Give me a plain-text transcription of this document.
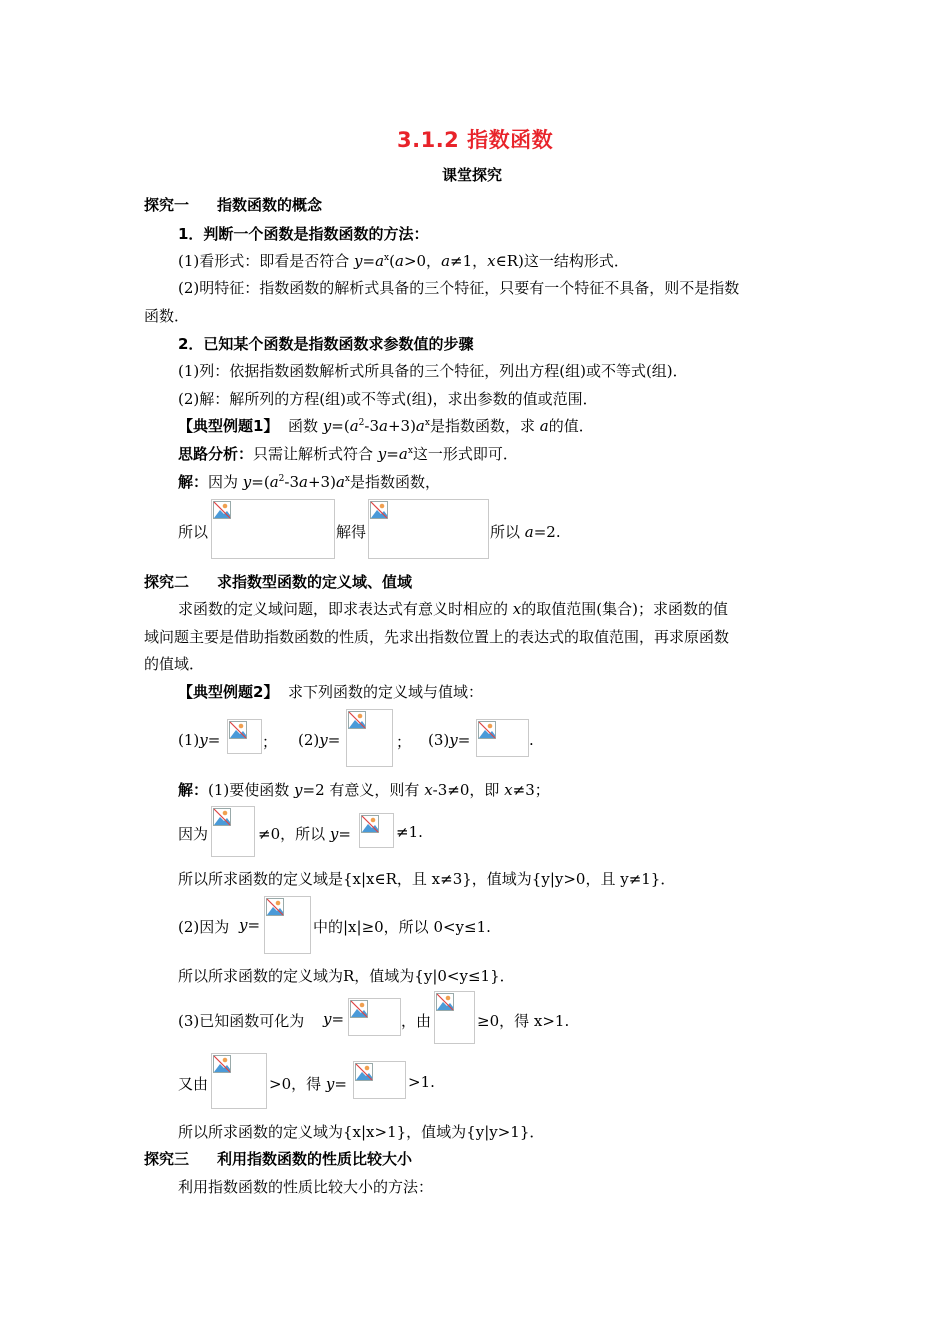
3.1.2 指数函数
课堂探究
探究一 指数函数的概念
1．判断一个函数是指数函数的方法：
(1)看形式：即看是否符合 $y=a^x(a>0$，a≠1，x∈R)这一结构形式．
(2)明特征：指数函数的解析式具备的三个特征，只要有一个特征不具备，则不是指数
函数．
2．已知某个函数是指数函数求参数值的步骤
(1)列：依据指数函数解析式所具备的三个特征，列出方程(组)或不等式(组)．
(2)解：解所列的方程(组)或不等式(组)，求出参数的值或范围．
【典型例题1】 函数 $y=(a^2-3a+3)a^x$是指数函数，求 a的值．
思路分析：只需让解析式符合 $y=a^x$这一形式即可．
解：因为 $y=(a^2-3a+3)a^x$是指数函数，
所以	解得	所以 a=2.
探究二 求指数型函数的定义域、值域
求函数的定义域问题，即求表达式有意义时相应的 x的取值范围(集合)；求函数的值
域问题主要是借助指数函数的性质，先求出指数位置上的表达式的取值范围，再求原函数
的值域．
【典型例题2】 求下列函数的定义域与值域：
(1)y=	； (2)y=	； (3)y=	.
解：(1)要使函数 y=2 有意义，则有 x-3≠0，即 x≠3；
因为	≠0，所以 y=	≠1.
所以所求函数的定义域是{x|x∈R，且 x≠3}，值域为{y|y>0，且 y≠1}．
(2)因为 y=	中的|x|≥0，所以 0<y≤1.
所以所求函数的定义域为R，值域为{y|0<y≤1}．
(3)已知函数可化为 y=	，由	≥0，得 x>1.
又由	>0，得 y=	>1.
所以所求函数的定义域为{x|x>1}，值域为{y|y>1}．
探究三 利用指数函数的性质比较大小
利用指数函数的性质比较大小的方法：
